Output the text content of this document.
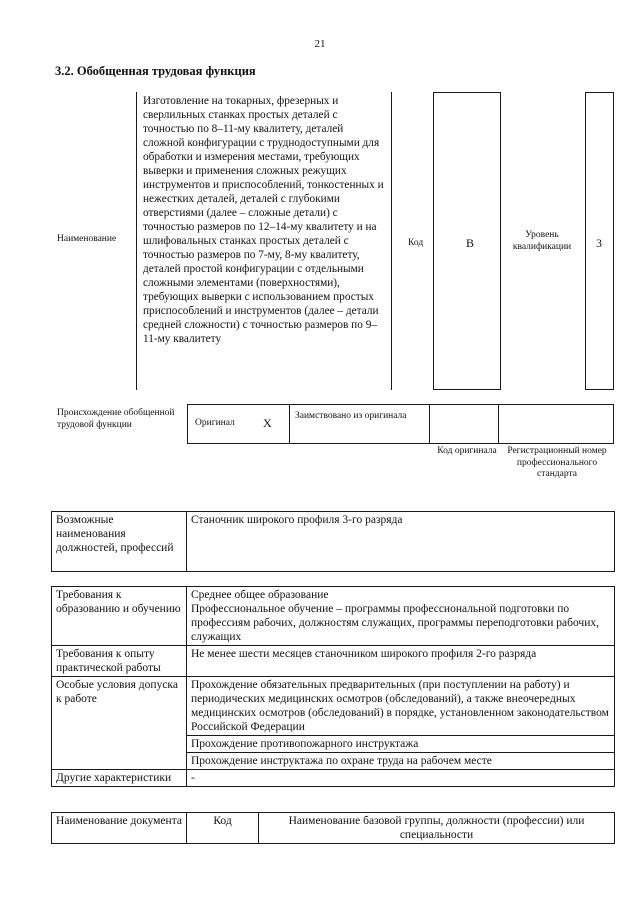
21
3.2. Обобщенная трудовая функция
Наименование
Изготовление на токарных, фрезерных и сверлильных станках простых деталей с точностью по 8–11-му квалитету, деталей сложной конфигурации с труднодоступными для обработки и измерения местами, требующих выверки и применения сложных режущих инструментов и приспособлений, тонкостенных и нежестких деталей, деталей с глубокими отверстиями (далее – сложные детали) с точностью размеров по 12–14-му квалитету и на шлифовальных станках простых деталей с точностью размеров по 7-му, 8-му квалитету, деталей простой конфигурации с отдельными сложными элементами (поверхностями), требующих выверки с использованием простых приспособлений и инструментов (далее – детали средней сложности) с точностью размеров по 9–11-му квалитету
Код	В
Уровень квалификации	3
Происхождение обобщенной трудовой функции	Оригинал X Заимствовано из оригинала
Код оригинала	Регистрационный номер профессионального стандарта
Возможные наименования должностей, профессий	Станочник широкого профиля 3-го разряда
Требования к образованию и обучению	Среднее общее образование
Профессиональное обучение – программы профессиональной подготовки по профессиям рабочих, должностям служащих, программы переподготовки рабочих, служащих

Требования к опыту практической работы	Не менее шести месяцев станочником широкого профиля 2-го разряда
Особые условия допуска к работе	Прохождение обязательных предварительных (при поступлении на работу) и периодических медицинских осмотров (обследований), а также внеочередных медицинских осмотров (обследований) в порядке, установленном законодательством Российской Федерации
	Прохождение противопожарного инструктажа
	Прохождение инструктажа по охране труда на рабочем месте
Другие характеристики	-
Наименование документа	Код	Наименование базовой группы, должности (профессии) или специальности
